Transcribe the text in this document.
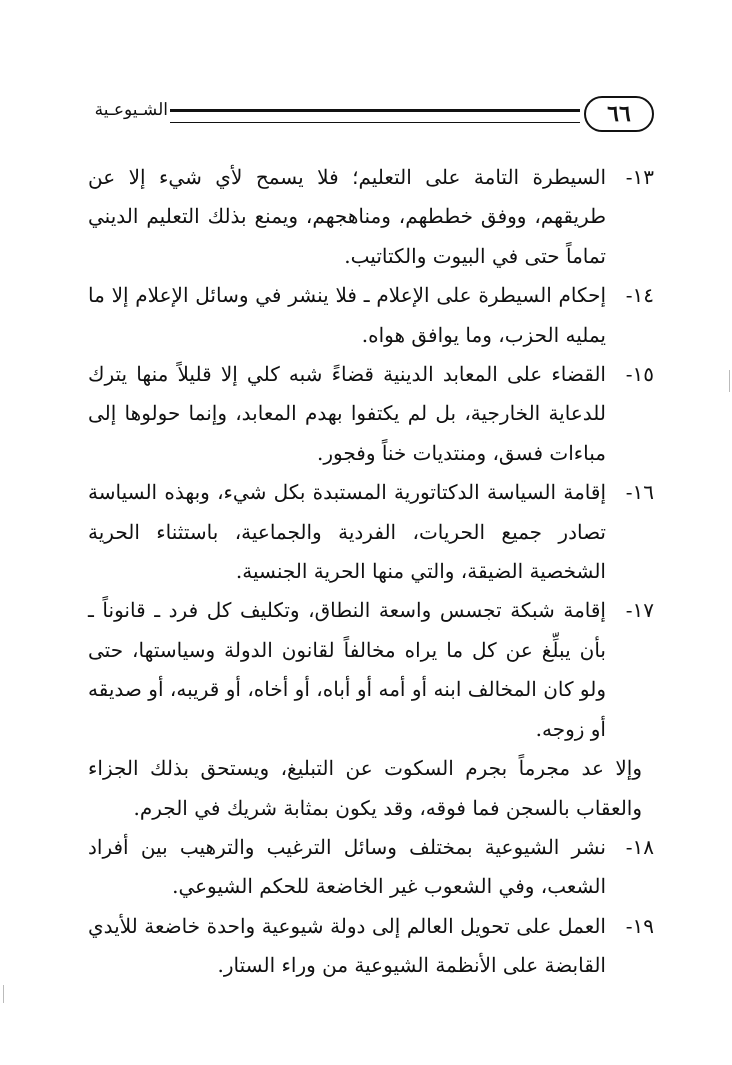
الشـيوعـية	٦٦
١٣-
السيطرة التامة على التعليم؛ فلا يسمح لأي شيء إلا عن طريقهم، ووفق خططهم، ومناهجهم، ويمنع بذلك التعليم الديني تماماً حتى في البيوت والكتاتيب.
١٤-
إحكام السيطرة على الإعلام ـ فلا ينشر في وسائل الإعلام إلا ما يمليه الحزب، وما يوافق هواه.
١٥-
القضاء على المعابد الدينية قضاءً شبه كلي إلا قليلاً منها يترك للدعاية الخارجية، بل لم يكتفوا بهدم المعابد، وإنما حولوها إلى مباءات فسق، ومنتديات خناً وفجور.
١٦-
إقامة السياسة الدكتاتورية المستبدة بكل شيء، وبهذه السياسة تصادر جميع الحريات، الفردية والجماعية، باستثناء الحرية الشخصية الضيقة، والتي منها الحرية الجنسية.
١٧-
إقامة شبكة تجسس واسعة النطاق، وتكليف كل فرد ـ قانوناً ـ بأن يبلِّغ عن كل ما يراه مخالفاً لقانون الدولة وسياستها، حتى ولو كان المخالف ابنه أو أمه أو أباه، أو أخاه، أو قريبه، أو صديقه أو زوجه.
وإلا عد مجرماً بجرم السكوت عن التبليغ، ويستحق بذلك الجزاء والعقاب بالسجن فما فوقه، وقد يكون بمثابة شريك في الجرم.
١٨-
نشر الشيوعية بمختلف وسائل الترغيب والترهيب بين أفراد الشعب، وفي الشعوب غير الخاضعة للحكم الشيوعي.
١٩-
العمل على تحويل العالم إلى دولة شيوعية واحدة خاضعة للأيدي القابضة على الأنظمة الشيوعية من وراء الستار.
